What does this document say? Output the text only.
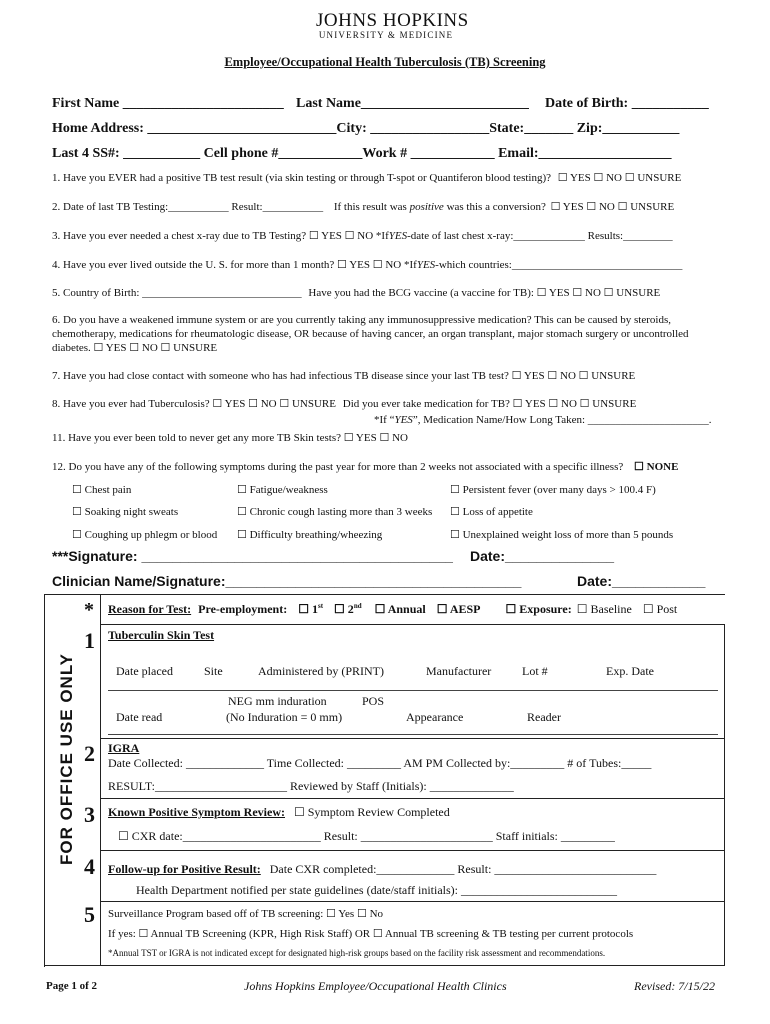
JOHNS HOPKINS
UNIVERSITY & MEDICINE
Employee/Occupational Health Tuberculosis (TB) Screening
First Name _______________________ Last Name________________________ Date of Birth: ___________
Home Address: ___________________________City: _________________State:_______ Zip:___________
Last 4 SS#: ___________ Cell phone #____________Work # ____________ Email:___________________
1. Have you EVER had a positive TB test result (via skin testing or through T-spot or Quantiferon blood testing)? ☐ YES ☐ NO ☐ UNSURE
2. Date of last TB Testing:___________ Result:___________ If this result was positive was this a conversion? ☐ YES ☐ NO ☐ UNSURE
3. Have you ever needed a chest x-ray due to TB Testing? ☐ YES ☐ NO *IfYES-date of last chest x-ray:_____________ Results:_________
4. Have you ever lived outside the U. S. for more than 1 month? ☐ YES ☐ NO *IfYES-which countries:_______________________________
5. Country of Birth: _____________________________ Have you had the BCG vaccine (a vaccine for TB): ☐ YES ☐ NO ☐ UNSURE
6. Do you have a weakened immune system or are you currently taking any immunosuppressive medication? This can be caused by steroids,
chemotherapy, medications for rheumatologic disease, OR because of having cancer, an organ transplant, major stomach surgery or uncontrolled
diabetes. ☐ YES ☐ NO ☐ UNSURE
7. Have you had close contact with someone who has had infectious TB disease since your last TB test? ☐ YES ☐ NO ☐ UNSURE
8. Have you ever had Tuberculosis? ☐ YES ☐ NO ☐ UNSURE Did you ever take medication for TB? ☐ YES ☐ NO ☐ UNSURE
*If “YES”, Medication Name/How Long Taken: ______________________.
11. Have you ever been told to never get any more TB Skin tests? ☐ YES ☐ NO
12. Do you have any of the following symptoms during the past year for more than 2 weeks not associated with a specific illness? ☐ NONE
☐ Chest pain	☐ Fatigue/weakness	☐ Persistent fever (over many days > 100.4 F)
☐ Soaking night sweats	☐ Chronic cough lasting more than 3 weeks ☐ Loss of appetite
☐ Coughing up phlegm or blood ☐ Difficulty breathing/wheezing	☐ Unexplained weight loss of more than 5 pounds
***Signature: ________________________________________ Date:______________
Clinician Name/Signature:______________________________________	Date:____________
FOR OFFICE USE ONLY
* Reason for Test: Pre-employment: ☐ 1st ☐ 2nd ☐ Annual ☐ AESP ☐ Exposure: ☐ Baseline ☐ Post
1 Tuberculin Skin Test
Date placed	Site	Administered by (PRINT)	Manufacturer	Lot #	Exp. Date
NEG mm induration	POS
Date read	(No Induration = 0 mm)	Appearance	Reader
2 IGRA
Date Collected: _____________ Time Collected: _________ AM PM Collected by:_________ # of Tubes:_____
RESULT:______________________ Reviewed by Staff (Initials): ______________
3 Known Positive Symptom Review: ☐ Symptom Review Completed
☐ CXR date:_______________________ Result: ______________________ Staff initials: _________
4 Follow-up for Positive Result: Date CXR completed:_____________ Result: ___________________________
Health Department notified per state guidelines (date/staff initials): __________________________
5 Surveillance Program based off of TB screening: ☐ Yes ☐ No
If yes: ☐ Annual TB Screening (KPR, High Risk Staff) OR ☐ Annual TB screening & TB testing per current protocols
*Annual TST or IGRA is not indicated except for designated high-risk groups based on the facility risk assessment and recommendations.
Page 1 of 2	Johns Hopkins Employee/Occupational Health Clinics	Revised: 7/15/22
